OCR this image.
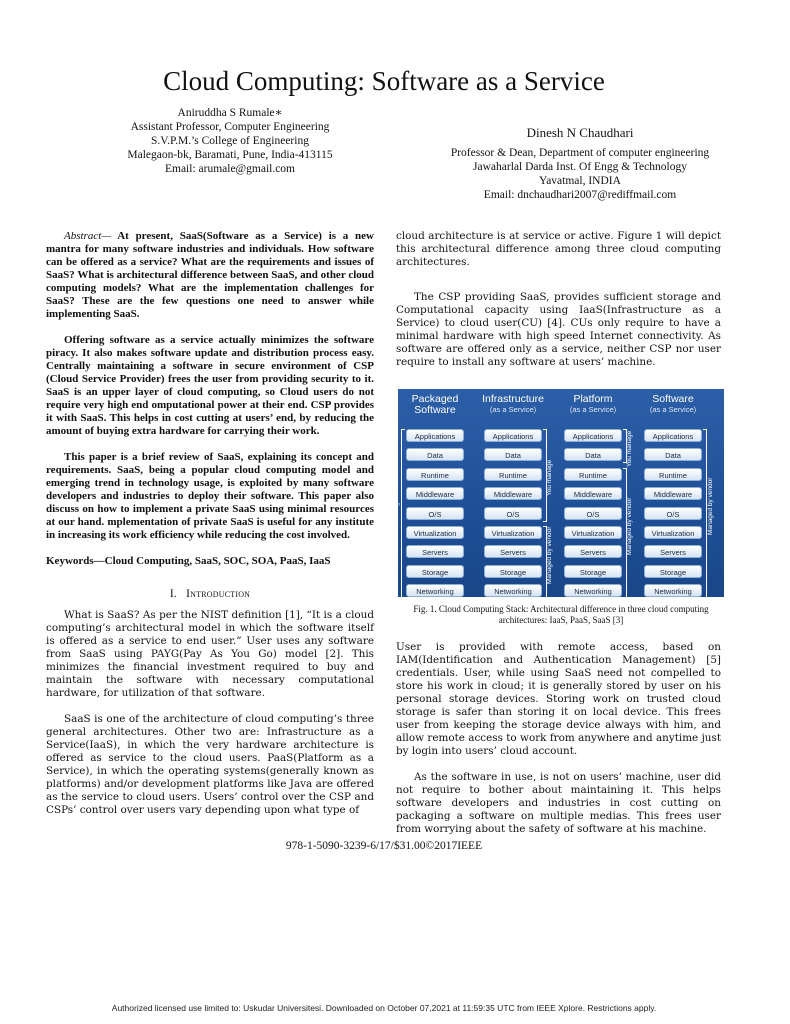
Cloud Computing: Software as a Service
Aniruddha S Rumale∗
Assistant Professor, Computer Engineering
S.V.P.M.’s College of Engineering
Malegaon-bk, Baramati, Pune, India-413115
Email: arumale@gmail.com
Dinesh N Chaudhari
Professor & Dean, Department of computer engineering
Jawaharlal Darda Inst. Of Engg & Technology
Yavatmal, INDIA
Email: dnchaudhari2007@rediffmail.com

Abstract— At present, SaaS(Software as a Service) is a new mantra for many software industries and individuals. How software can be offered as a service? What are the requirements and issues of SaaS? What is architectural difference between SaaS, and other cloud computing models? What are the implementation challenges for SaaS? These are the few questions one need to answer while implementing SaaS.

Offering software as a service actually minimizes the software piracy. It also makes software update and distribution process easy. Centrally maintaining a software in secure environment of CSP (Cloud Service Provider) frees the user from providing security to it. SaaS is an upper layer of cloud computing, so Cloud users do not require very high end omputational power at their end. CSP provides it with SaaS. This helps in cost cutting at users’ end, by reducing the amount of buying extra hardware for carrying their work.

This paper is a brief review of SaaS, explaining its concept and requirements. SaaS, being a popular cloud computing model and emerging trend in technology usage, is exploited by many software developers and industries to deploy their software. This paper also discuss on how to implement a private SaaS using minimal resources at our hand. mplementation of private SaaS is useful for any institute in increasing its work efficiency while reducing the cost involved.

Keywords—Cloud Computing, SaaS, SOC, SOA, PaaS, IaaS

I. Introduction

What is SaaS? As per the NIST definition [1], “It is a cloud computing’s architectural model in which the software itself is offered as a service to end user.” User uses any software from SaaS using PAYG(Pay As You Go) model [2]. This minimizes the financial investment required to buy and maintain the software with necessary computational hardware, for utilization of that software.

SaaS is one of the architecture of cloud computing’s three general architectures. Other two are: Infrastructure as a Service(IaaS), in which the very hardware architecture is offered as service to the cloud users. PaaS(Platform as a Service), in which the operating systems(generally known as platforms) and/or development platforms like Java are offered as the service to cloud users. Users’ control over the CSP and CSPs’ control over users vary depending upon what type of

cloud architecture is at service or active. Figure 1 will depict this architectural difference among three cloud computing architectures.

The CSP providing SaaS, provides sufficient storage and Computational capacity using IaaS(Infrastructure as a Service) to cloud user(CU) [4]. CUs only require to have a minimal hardware with high speed Internet connectivity. As software are offered only as a service, neither CSP nor user require to install any software at users’ machine.

Packaged
Software
Applications
Data
Runtime
Middleware
O/S
Virtualization
Servers
Storage
Networking
Infrastructure
(as a Service)
Applications
Data
Runtime
Middleware
O/S
Virtualization
Servers
Storage
Networking
Platform
(as a Service)
Applications
Data
Runtime
Middleware
O/S
Virtualization
Servers
Storage
Networking
Software
(as a Service)
Applications
Data
Runtime
Middleware
O/S
Virtualization
Servers
Storage
Networking
You manage
You manage
Managed by vendor
You manage
Managed by vendor	Managed by vendor
Fig. 1. Cloud Computing Stack: Architectural difference in three cloud computing architectures: IaaS, PaaS, SaaS [3]

User is provided with remote access, based on IAM(Identification and Authentication Management) [5] credentials. User, while using SaaS need not compelled to store his work in cloud; it is generally stored by user on his personal storage devices. Storing work on trusted cloud storage is safer than storing it on local device. This frees user from keeping the storage device always with him, and allow remote access to work from anywhere and anytime just by login into users’ cloud account.

As the software in use, is not on users’ machine, user did not require to bother about maintaining it. This helps software developers and industries in cost cutting on packaging a software on multiple medias. This frees user from worrying about the safety of software at his machine.

978-1-5090-3239-6/17/$31.00©2017IEEE
Authorized licensed use limited to: Uskudar Universitesi. Downloaded on October 07,2021 at 11:59:35 UTC from IEEE Xplore. Restrictions apply.
